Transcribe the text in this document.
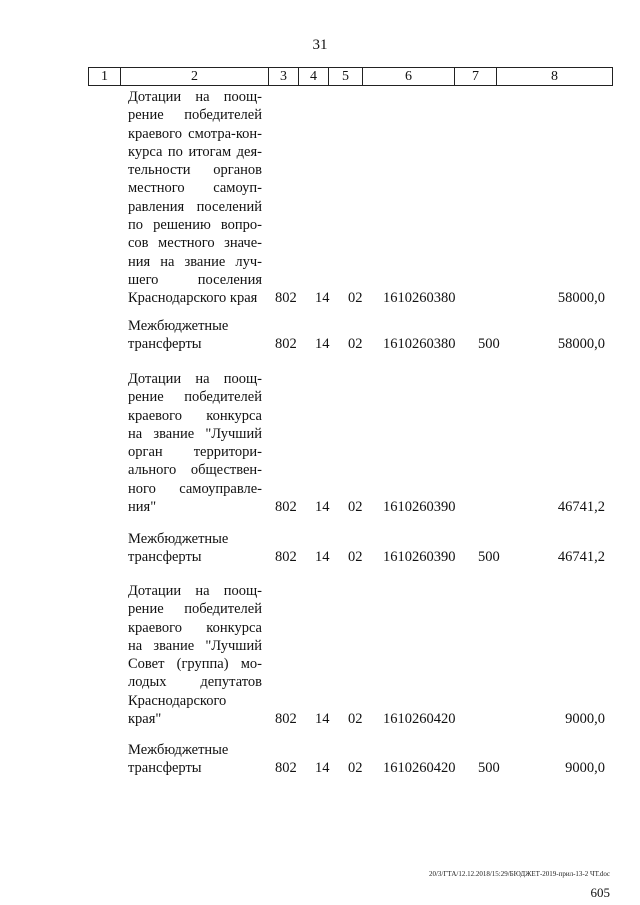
31
1	2	3	4	5	6	7	8
Дотации на поощ-
рение победителей
краевого смотра-кон-
курса по итогам дея-
тельности органов
местного самоуп-
равления поселений
по решению вопро-
сов местного значе-
ния на звание луч-
шего поселения
Краснодарского края	802 14 02 1610260380	58000,0
Межбюджетные
трансферты	802 14 02 1610260380 500	58000,0
Дотации на поощ-
рение победителей
краевого конкурса
на звание "Лучший
орган территори-
ального обществен-
ного самоуправле-
ния"	802 14 02 1610260390	46741,2
Межбюджетные
трансферты	802 14 02 1610260390 500	46741,2
Дотации на поощ-
рение победителей
краевого конкурса
на звание "Лучший
Совет (группа) мо-
лодых депутатов
Краснодарского
края"	802 14 02 1610260420	9000,0
Межбюджетные
трансферты	802 14 02 1610260420 500	9000,0
20/3/ГТА/12.12.2018/15:29/БЮДЖЕТ-2019-прил-13-2 ЧТ.doc
605
